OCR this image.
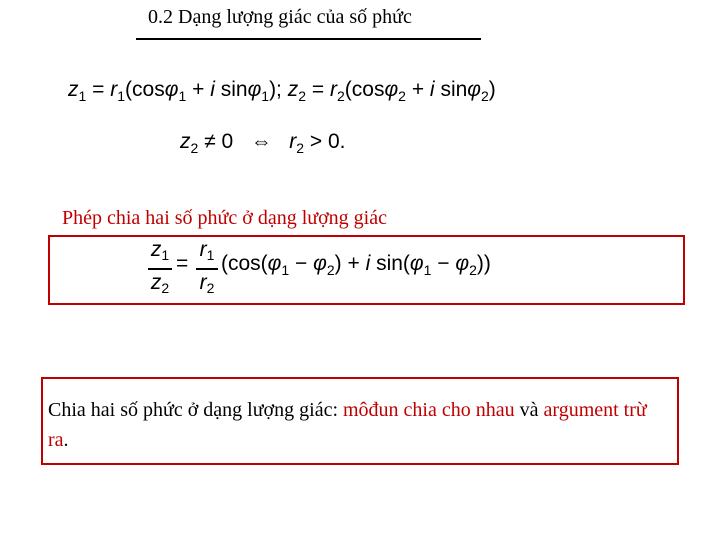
0.2 Dạng lượng giác của số phức
$z_1 = r_1(\cos\varphi_1 + i$ sinφ$_1$); $z_2 = r_2(\cos\varphi_2 + i$ sinφ$_2$)
$z_2 \ne 0$ ⇔ $r_2 > 0$.
Phép chia hai số phức ở dạng lượng giác
$z_1$
$z_2$
=
$r_1$
$r_2$
($\cos(\varphi_1 - \varphi_2) + i$ $\sin(\varphi_1 - \varphi_2)$)
Chia hai số phức ở dạng lượng giác: môđun chia cho nhau và argument trừ ra.
